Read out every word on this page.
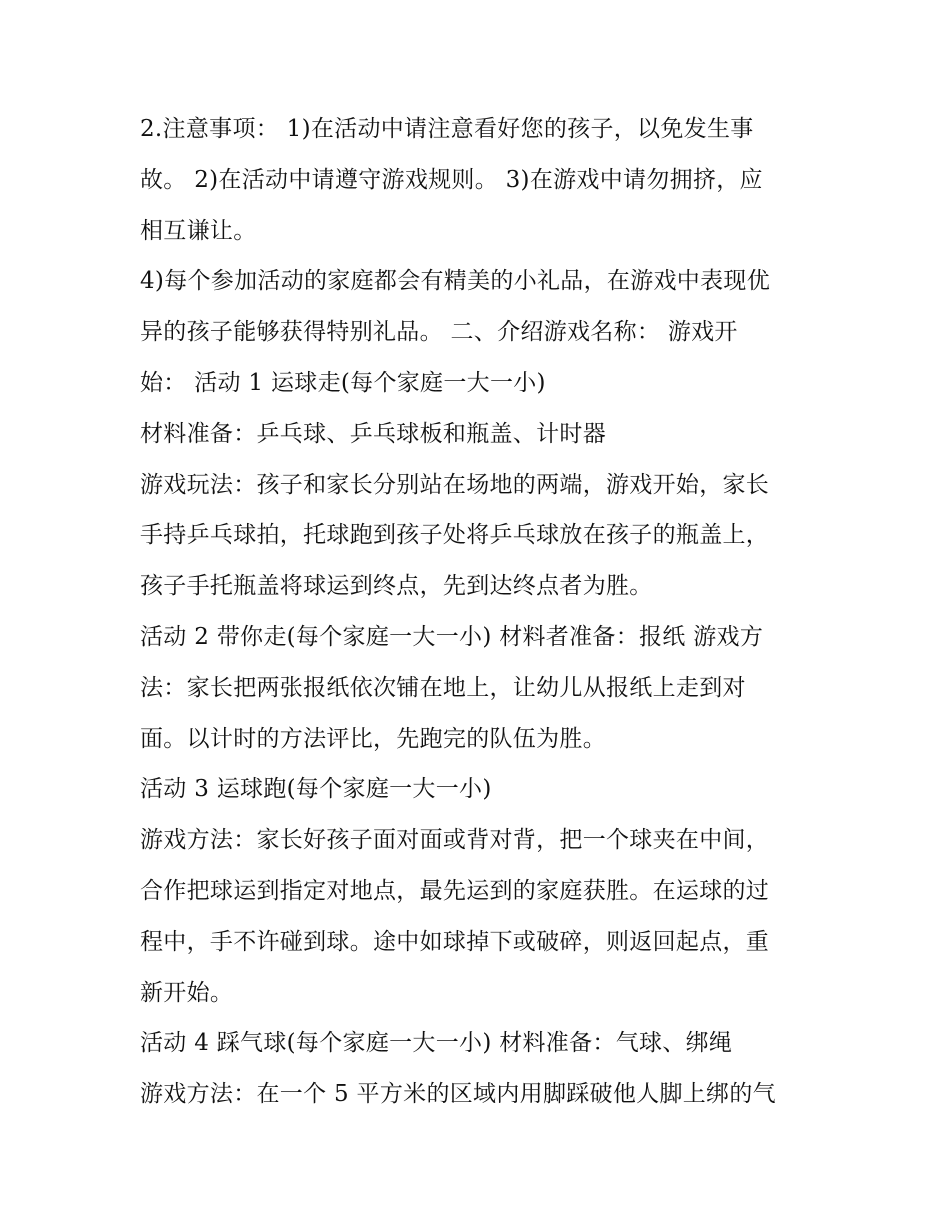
2.注意事项： 1)在活动中请注意看好您的孩子，以免发生事
故。 2)在活动中请遵守游戏规则。 3)在游戏中请勿拥挤，应
相互谦让。
4)每个参加活动的家庭都会有精美的小礼品，在游戏中表现优
异的孩子能够获得特别礼品。 二、介绍游戏名称： 游戏开
始： 活动 1 运球走(每个家庭一大一小)
材料准备：乒乓球、乒乓球板和瓶盖、计时器
游戏玩法：孩子和家长分别站在场地的两端，游戏开始，家长
手持乒乓球拍，托球跑到孩子处将乒乓球放在孩子的瓶盖上，
孩子手托瓶盖将球运到终点，先到达终点者为胜。
活动 2 带你走(每个家庭一大一小) 材料者准备：报纸 游戏方
法：家长把两张报纸依次铺在地上，让幼儿从报纸上走到对
面。以计时的方法评比，先跑完的队伍为胜。
活动 3 运球跑(每个家庭一大一小)
游戏方法：家长好孩子面对面或背对背，把一个球夹在中间，
合作把球运到指定对地点，最先运到的家庭获胜。在运球的过
程中，手不许碰到球。途中如球掉下或破碎，则返回起点，重
新开始。
活动 4 踩气球(每个家庭一大一小) 材料准备：气球、绑绳
游戏方法：在一个 5 平方米的区域内用脚踩破他人脚上绑的气
